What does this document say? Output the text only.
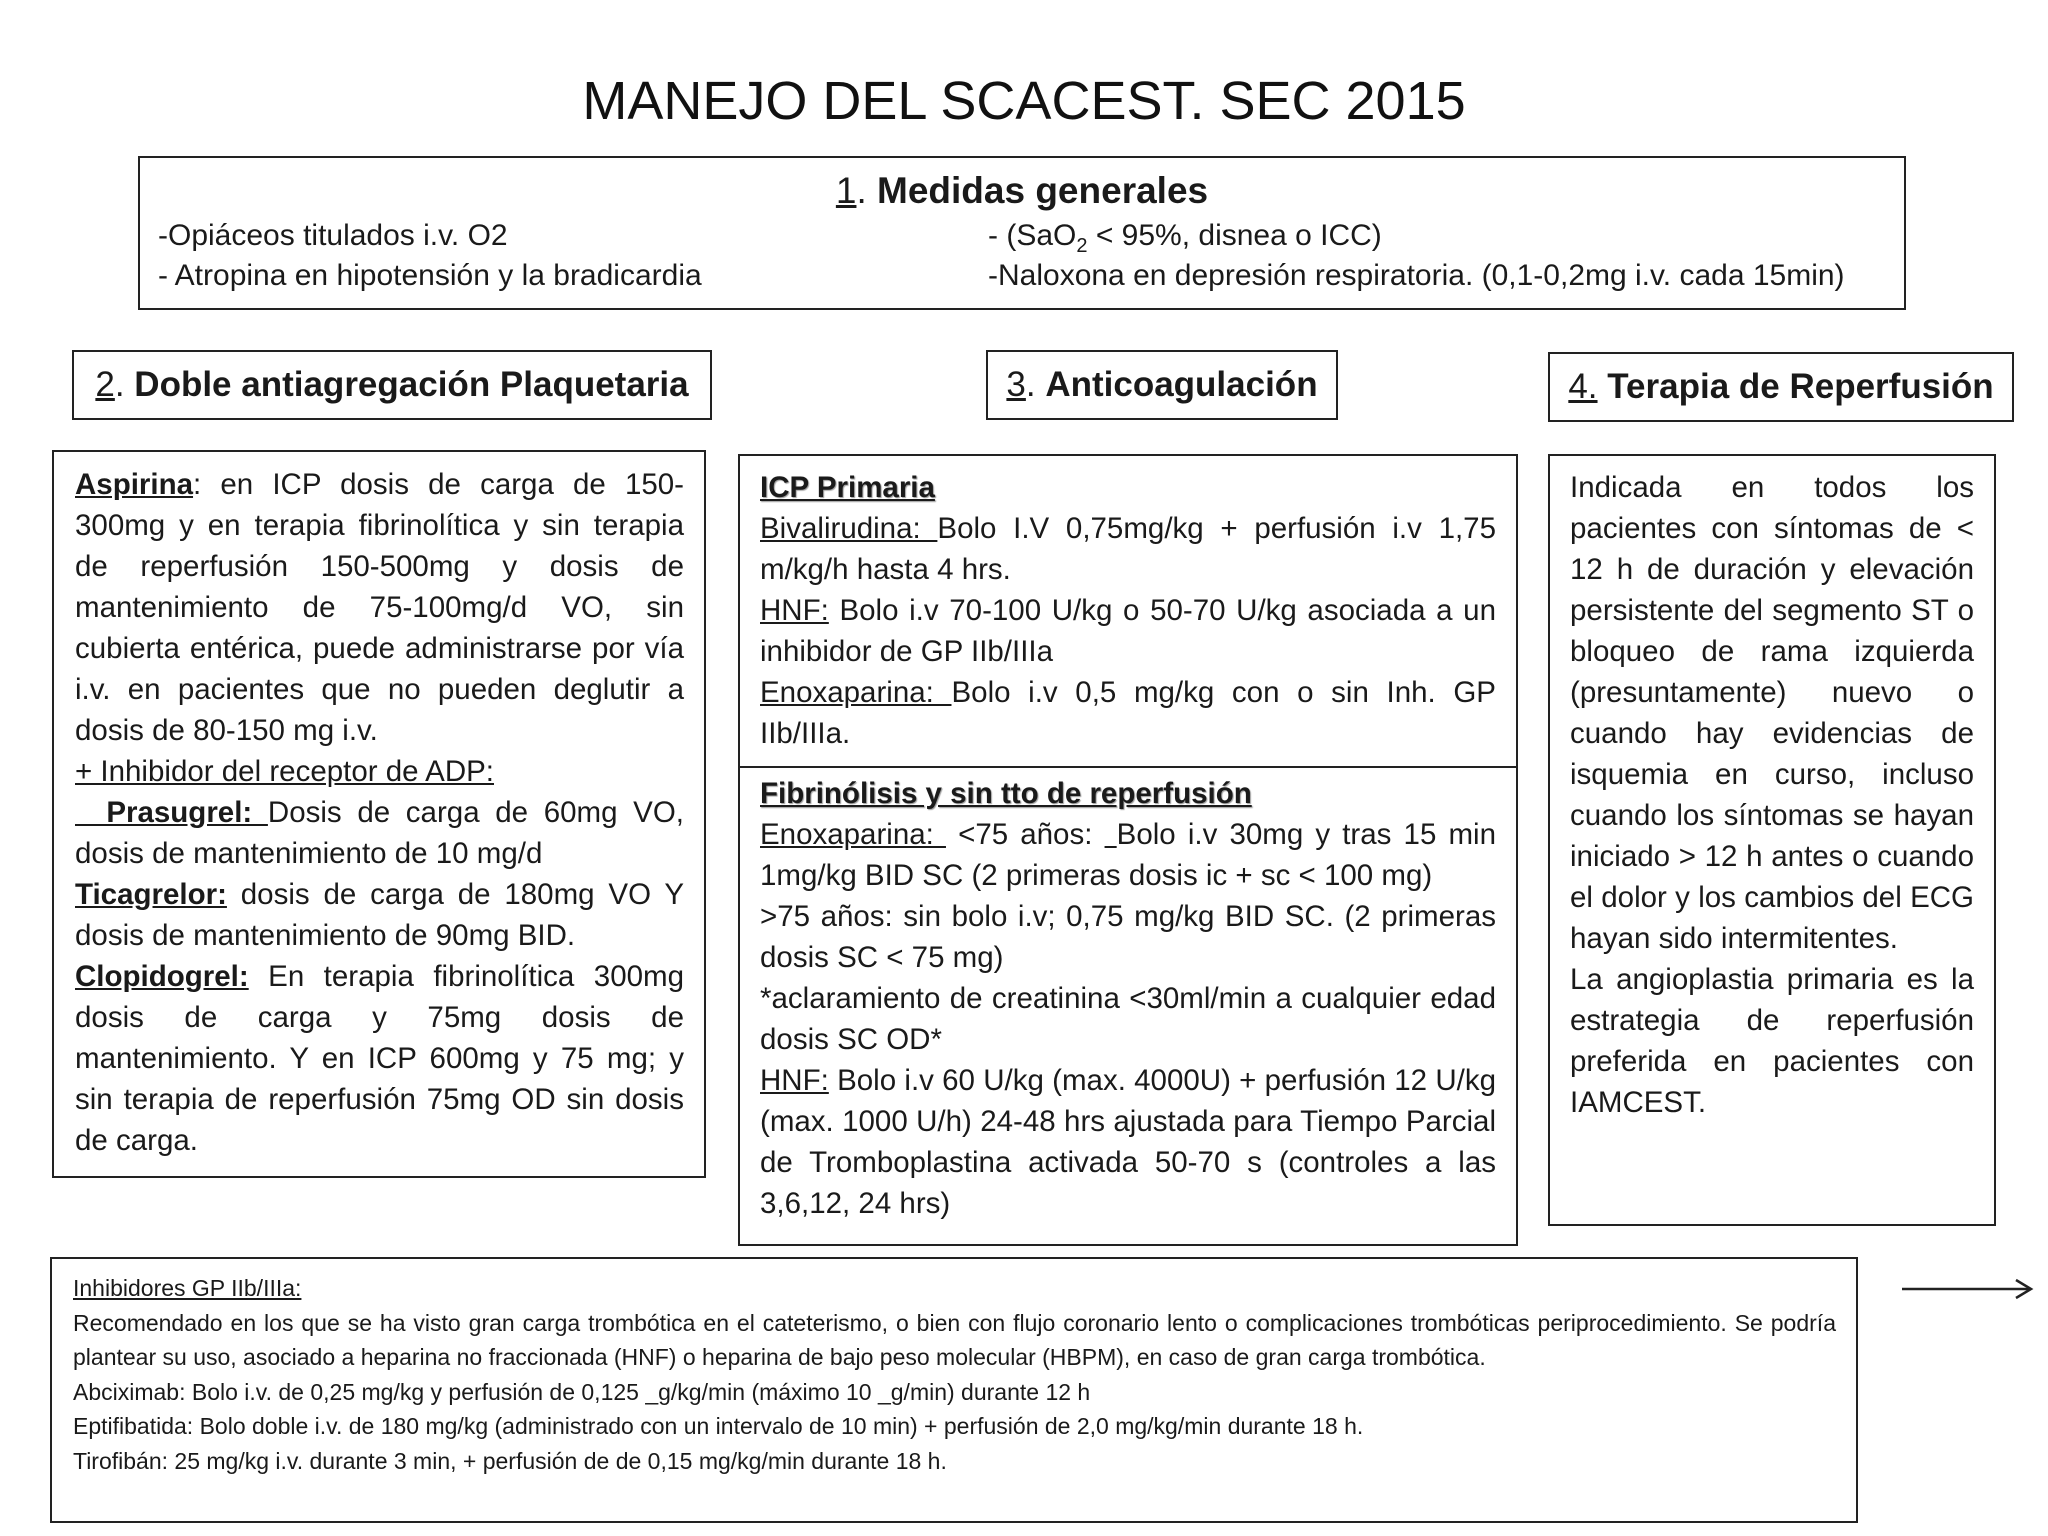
MANEJO DEL SCACEST. SEC 2015
1. Medidas generales
-Opiáceos titulados i.v. O2	- (SaO$_2$ < 95%, disnea o ICC)
- Atropina en hipotensión y la bradicardia	-Naloxona en depresión respiratoria. (0,1-0,2mg i.v. cada 15min)
2 . Doble antiagregación Plaquetaria	3 . Anticoagulación	4.
Terapia de Reperfusión
Aspirina: en ICP dosis de carga de 150-300mg y en terapia fibrinolítica y sin terapia de reperfusión 150-500mg y dosis de mantenimiento de 75-100mg/d VO, sin cubierta entérica, puede administrarse por vía i.v. en pacientes que no pueden deglutir a dosis de 80-150 mg i.v.
+ Inhibidor del receptor de ADP:
Prasugrel: Dosis de carga de 60mg VO, dosis de mantenimiento de 10 mg/d
Ticagrelor: dosis de carga de 180mg VO Y dosis de mantenimiento de 90mg BID.
Clopidogrel: En terapia fibrinolítica 300mg dosis de carga y 75mg dosis de mantenimiento. Y en ICP 600mg y 75 mg; y sin terapia de reperfusión 75mg OD sin dosis de carga.
ICP Primaria
Bivalirudina: Bolo I.V 0,75mg/kg + perfusión i.v 1,75 m/kg/h hasta 4 hrs.
HNF: Bolo i.v 70-100 U/kg o 50-70 U/kg asociada a un inhibidor de GP IIb/IIIa
Enoxaparina: Bolo i.v 0,5 mg/kg con o sin Inh. GP IIb/IIIa.
Fibrinólisis y sin tto de reperfusión
Enoxaparina:  <75 años:  Bolo i.v 30mg y tras 15 min 1mg/kg BID SC (2 primeras dosis ic + sc < 100 mg)
>75 años: sin bolo i.v; 0,75 mg/kg BID SC. (2 primeras dosis SC < 75 mg)
*aclaramiento de creatinina <30ml/min a cualquier edad dosis SC OD*
HNF: Bolo i.v 60 U/kg (max. 4000U) + perfusión 12 U/kg (max. 1000 U/h) 24-48 hrs ajustada para Tiempo Parcial de Tromboplastina activada 50-70 s (controles a las 3,6,12, 24 hrs)
Indicada en todos los pacientes con síntomas de < 12 h de duración y elevación persistente del segmento ST o bloqueo de rama izquierda (presuntamente) nuevo o cuando hay evidencias de isquemia en curso, incluso cuando los síntomas se hayan iniciado > 12 h antes o cuando el dolor y los cambios del ECG hayan sido intermitentes.
La angioplastia primaria es la estrategia de reperfusión preferida en pacientes con IAMCEST.
Inhibidores GP IIb/IIIa:
Recomendado en los que se ha visto gran carga trombótica en el cateterismo, o bien con flujo coronario lento o complicaciones trombóticas periprocedimiento. Se podría plantear su uso, asociado a heparina no fraccionada (HNF) o heparina de bajo peso molecular (HBPM), en caso de gran carga trombótica.
Abciximab: Bolo i.v. de 0,25 mg/kg y perfusión de 0,125 _g/kg/min (máximo 10 _g/min) durante 12 h
Eptifibatida: Bolo doble i.v. de 180 mg/kg (administrado con un intervalo de 10 min) + perfusión de 2,0 mg/kg/min durante 18 h.
Tirofibán: 25 mg/kg i.v. durante 3 min, + perfusión de de 0,15 mg/kg/min durante 18 h.
